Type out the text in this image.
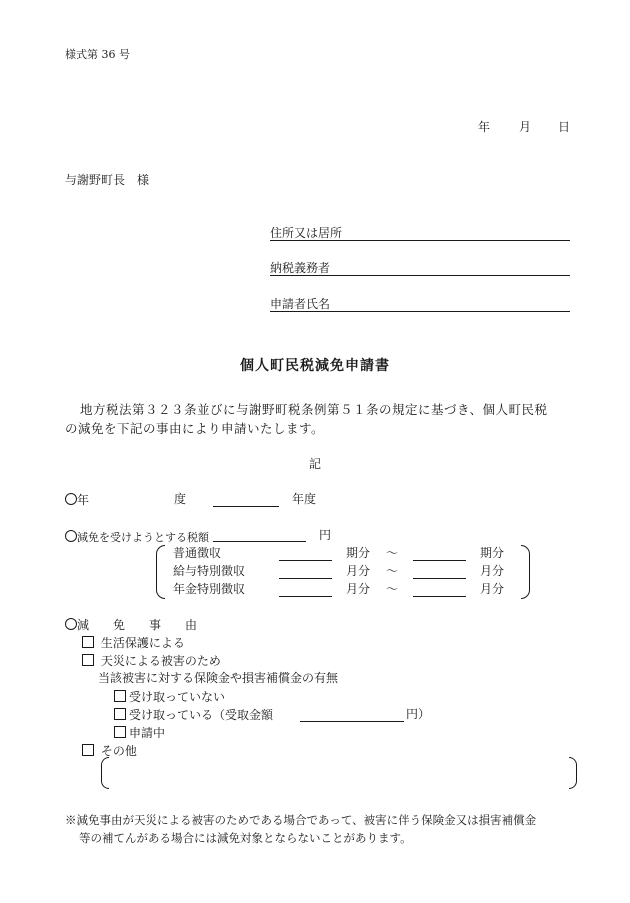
様式第 36 号
年 月 日
与謝野町長　様
住所又は居所
納税義務者
申請者氏名
個人町民税減免申請書
地方税法第３２３条並びに与謝野町税条例第５１条の規定に基づき、個人町民税
の減免を下記の事由により申請いたします。
記
年	度	年度
減免を受けようとする税額	円
普通徴収	期分 ～	期分
給与特別徴収	月分 ～	月分
年金特別徴収	月分 ～	月分
減　　免　　事　　由
生活保護による
天災による被害のため
当該被害に対する保険金や損害補償金の有無
受け取っていない
受け取っている（受取金額	円）
申請中
その他
※減免事由が天災による被害のためである場合であって、被害に伴う保険金又は損害補償金
等の補てんがある場合には減免対象とならないことがあります。
